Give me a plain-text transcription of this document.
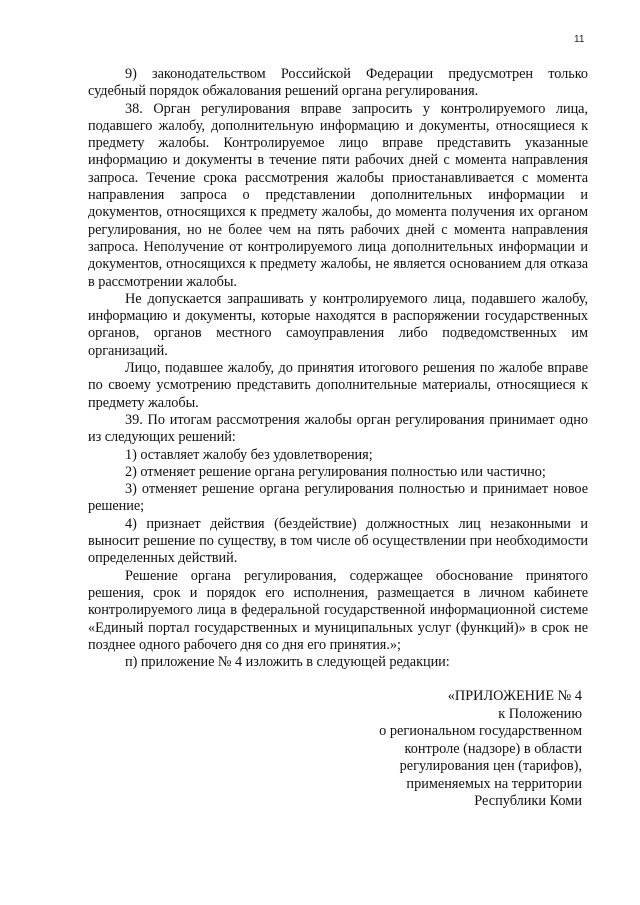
11

9) законодательством Российской Федерации предусмотрен только судебный порядок обжалования решений органа регулирования.

38. Орган регулирования вправе запросить у контролируемого лица, подавшего жалобу, дополнительную информацию и документы, относящиеся к предмету жалобы. Контролируемое лицо вправе представить указанные информацию и документы в течение пяти рабочих дней с момента направления запроса. Течение срока рассмотрения жалобы приостанавливается с момента направления запроса о представлении дополнительных информации и документов, относящихся к предмету жалобы, до момента получения их органом регулирования, но не более чем на пять рабочих дней с момента направления запроса. Неполучение от контролируемого лица дополнительных информации и документов, относящихся к предмету жалобы, не является основанием для отказа в рассмотрении жалобы.

Не допускается запрашивать у контролируемого лица, подавшего жалобу, информацию и документы, которые находятся в распоряжении государственных органов, органов местного самоуправления либо подведомственных им организаций.

Лицо, подавшее жалобу, до принятия итогового решения по жалобе вправе по своему усмотрению представить дополнительные материалы, относящиеся к предмету жалобы.

39. По итогам рассмотрения жалобы орган регулирования принимает одно из следующих решений:

1) оставляет жалобу без удовлетворения;

2) отменяет решение органа регулирования полностью или частично;

3) отменяет решение органа регулирования полностью и принимает новое решение;

4) признает действия (бездействие) должностных лиц незаконными и выносит решение по существу, в том числе об осуществлении при необходимости определенных действий.

Решение органа регулирования, содержащее обоснование принятого решения, срок и порядок его исполнения, размещается в личном кабинете контролируемого лица в федеральной государственной информационной системе «Единый портал государственных и муниципальных услуг (функций)» в срок не позднее одного рабочего дня со дня его принятия.»;

п) приложение № 4 изложить в следующей редакции:

«ПРИЛОЖЕНИЕ № 4
к Положению
о региональном государственном
контроле (надзоре) в области
регулирования цен (тарифов),
применяемых на территории
Республики Коми
